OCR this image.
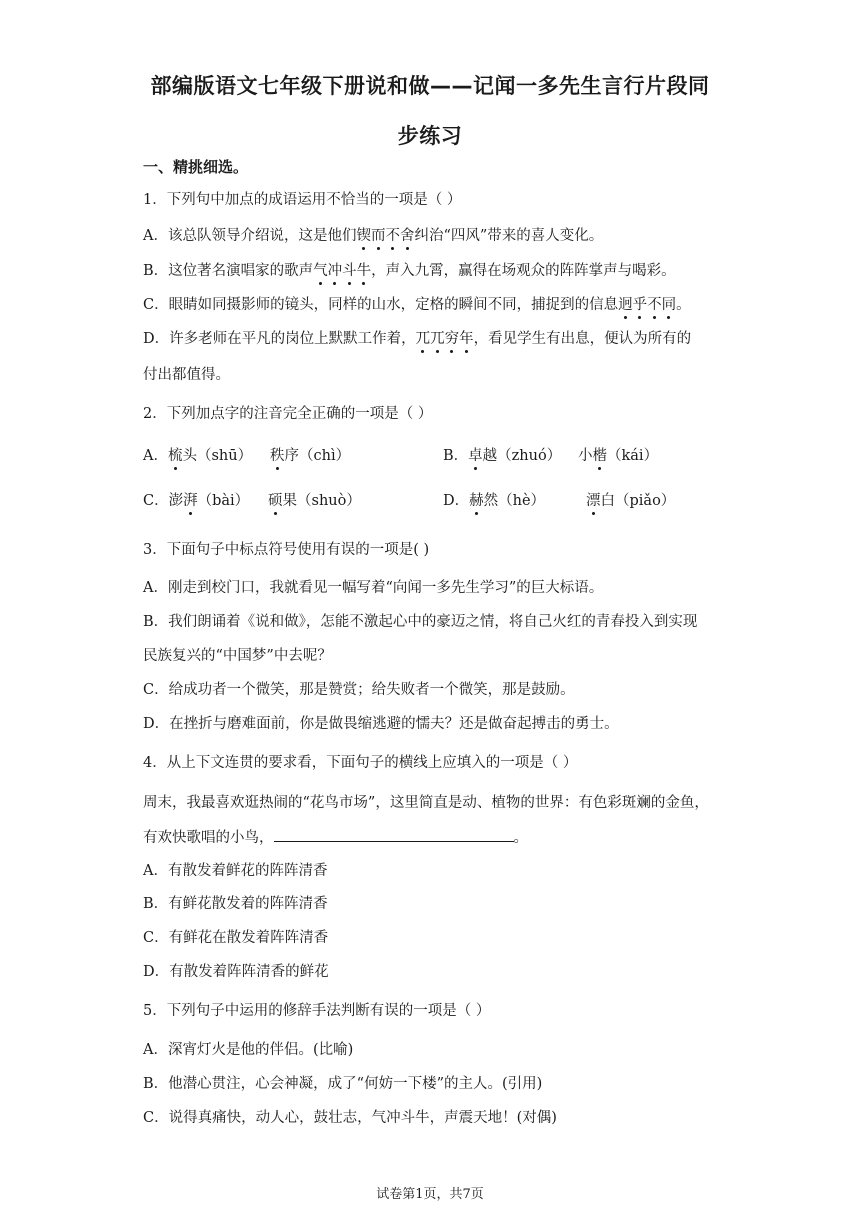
部编版语文七年级下册说和做——记闻一多先生言行片段同
步练习
一、精挑细选。
1．下列句中加点的成语运用不恰当的一项是（ ）
A．该总队领导介绍说，这是他们锲而不舍纠治“四风”带来的喜人变化。
B．这位著名演唱家的歌声气冲斗牛，声入九霄，赢得在场观众的阵阵掌声与喝彩。
C．眼睛如同摄影师的镜头，同样的山水，定格的瞬间不同，捕捉到的信息迥乎不同。
D．许多老师在平凡的岗位上默默工作着，兀兀穷年，看见学生有出息，便认为所有的
付出都值得。
2．下列加点字的注音完全正确的一项是（ ）
A．梳头（shū） 秩序（chì）	B．卓越（zhuó） 小楷（kái）
C．澎湃（bài） 硕果（shuò）	D．赫然（hè）	漂白（piǎo）
3．下面句子中标点符号使用有误的一项是( )
A．刚走到校门口，我就看见一幅写着“向闻一多先生学习”的巨大标语。
B．我们朗诵着《说和做》，怎能不激起心中的豪迈之情，将自己火红的青春投入到实现
民族复兴的“中国梦”中去呢？
C．给成功者一个微笑，那是赞赏；给失败者一个微笑，那是鼓励。
D．在挫折与磨难面前，你是做畏缩逃避的懦夫？还是做奋起搏击的勇士。
4．从上下文连贯的要求看，下面句子的横线上应填入的一项是（ ）
周末，我最喜欢逛热闹的“花鸟市场”，这里简直是动、植物的世界：有色彩斑斓的金鱼，
有欢快歌唱的小鸟，	。
A．有散发着鲜花的阵阵清香
B．有鲜花散发着的阵阵清香
C．有鲜花在散发着阵阵清香
D．有散发着阵阵清香的鲜花
5．下列句子中运用的修辞手法判断有误的一项是（ ）
A．深宵灯火是他的伴侣。(比喻)
B．他潜心贯注，心会神凝，成了“何妨一下楼”的主人。(引用)
C．说得真痛快，动人心，鼓壮志，气冲斗牛，声震天地！(对偶)
试卷第1页，共7页
